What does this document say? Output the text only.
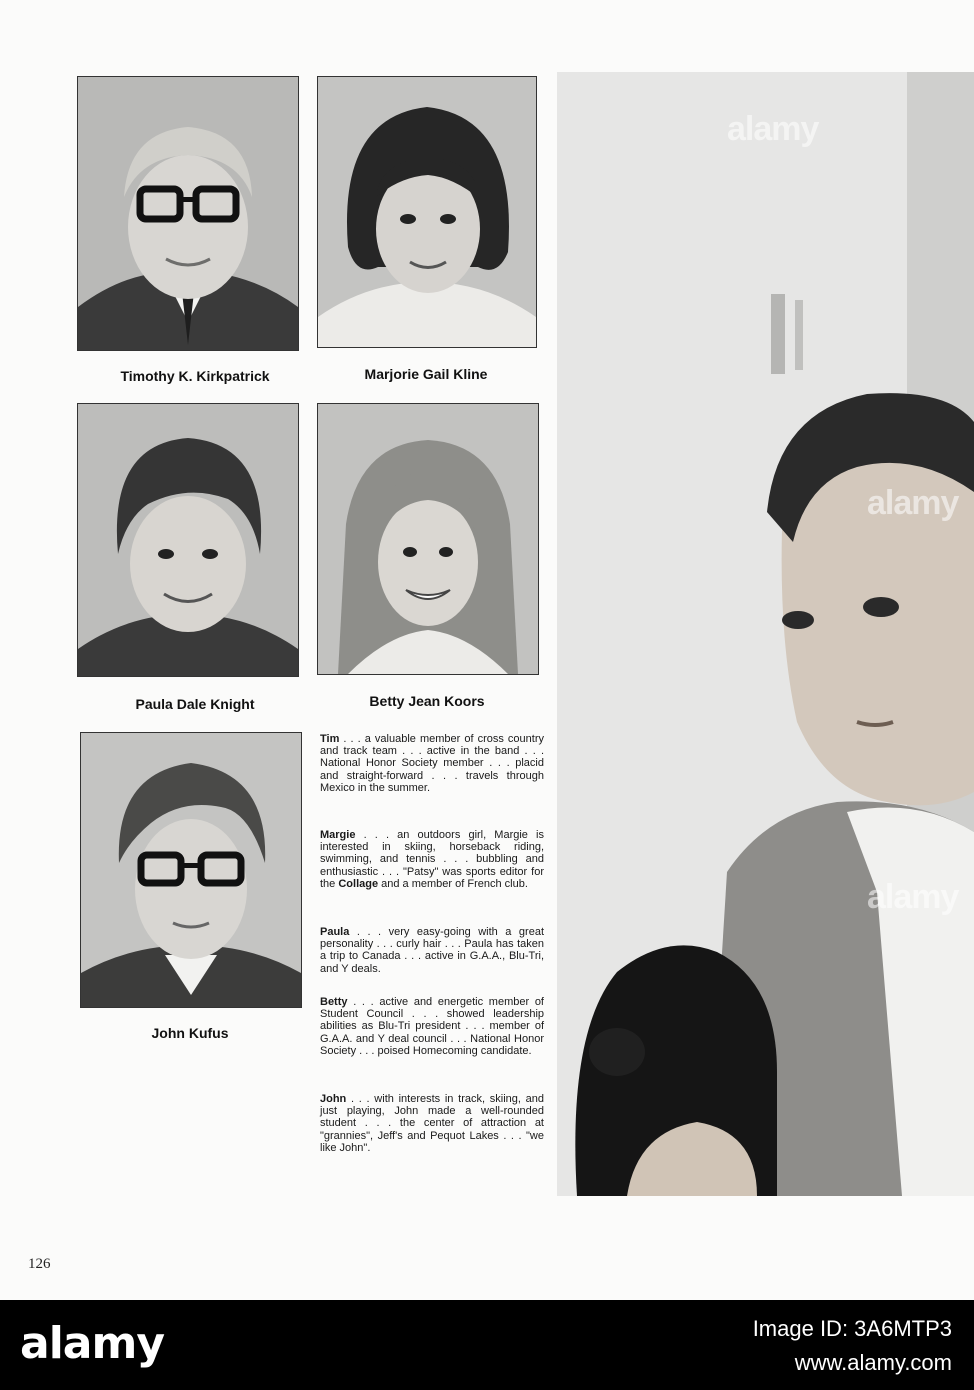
Timothy K. Kirkpatrick	Marjorie Gail Kline
Paula Dale Knight	Betty Jean Koors
John Kufus
Tim . . . a valuable member of cross country and track team . . . active in the band . . . National Honor Society member . . . placid and straight-forward . . . travels through Mexico in the summer.
Margie . . . an outdoors girl, Margie is interested in skiing, horseback riding, swimming, and tennis . . . bubbling and enthusiastic . . . "Patsy" was sports editor for the Collage and a member of French club.
Paula . . . very easy-going with a great personality . . . curly hair . . . Paula has taken a trip to Canada . . . active in G.A.A., Blu-Tri, and Y deals.
Betty . . . active and energetic member of Student Council . . . showed leadership abilities as Blu-Tri president . . . member of G.A.A. and Y deal council . . . National Honor Society . . . poised Homecoming candidate.
John . . . with interests in track, skiing, and just playing, John made a well-rounded student . . . the center of attraction at "grannies", Jeff's and Pequot Lakes . . . "we like John".
alamy
alamy
alamy
126
alamy	Image ID: 3A6MTP3
www.alamy.com
